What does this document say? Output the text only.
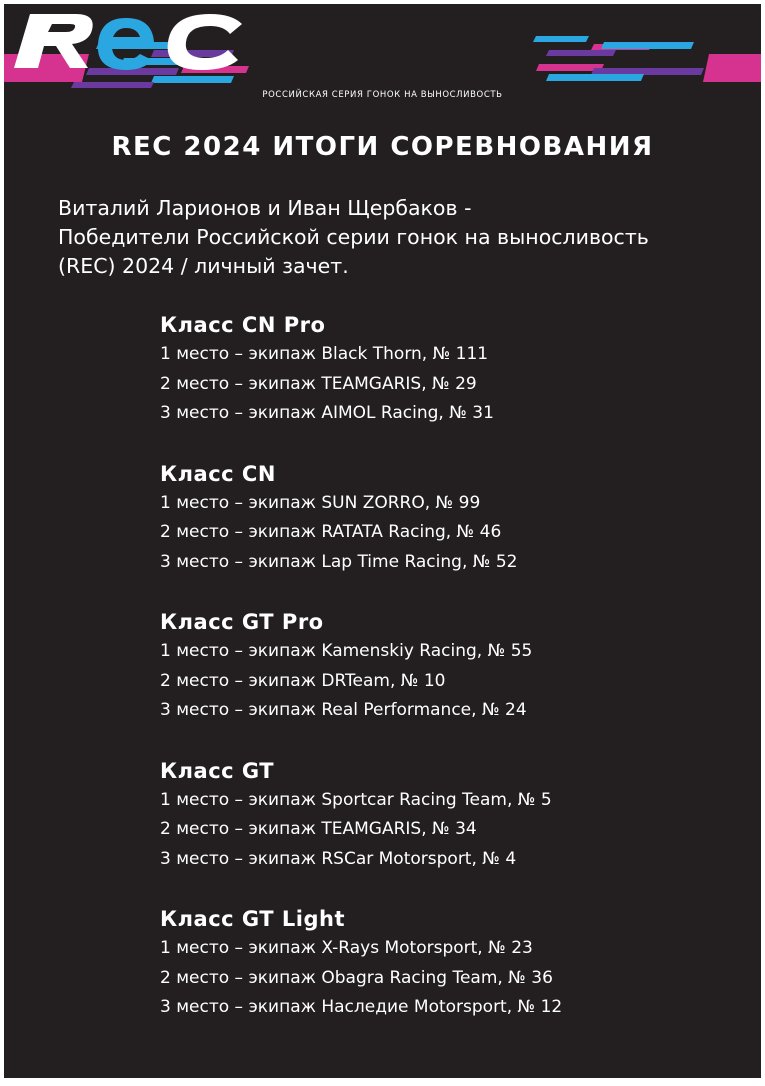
РОССИЙСКАЯ СЕРИЯ ГОНОК НА ВЫНОСЛИВОСТЬ
REC 2024 ИТОГИ СОРЕВНОВАНИЯ
Виталий Ларионов и Иван Щербаков -
Победители Российской серии гонок на выносливость
(REC) 2024 / личный зачет.
Класс CN Pro
1 место – экипаж Black Thorn, № 111
2 место – экипаж TEAMGARIS, № 29
3 место – экипаж AIMOL Racing, № 31
Класс CN
1 место – экипаж SUN ZORRO, № 99
2 место – экипаж RATATA Racing, № 46
3 место – экипаж Lap Time Racing, № 52
Класс GT Pro
1 место – экипаж Kamenskiy Racing, № 55
2 место – экипаж DRTeam, № 10
3 место – экипаж Real Performance, № 24
Класс GT
1 место – экипаж Sportcar Racing Team, № 5
2 место – экипаж TEAMGARIS, № 34
3 место – экипаж RSCar Motorsport, № 4
Класс GT Light
1 место – экипаж X-Rays Motorsport, № 23
2 место – экипаж Obagra Racing Team, № 36
3 место – экипаж Наследие Motorsport, № 12
